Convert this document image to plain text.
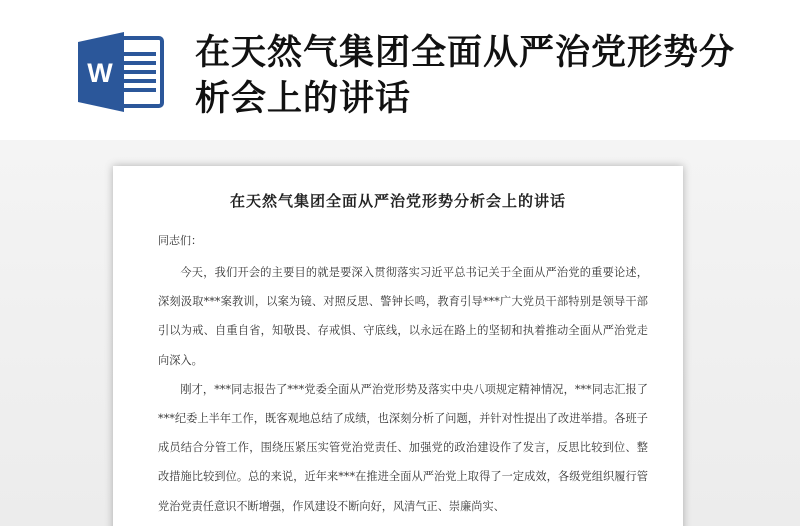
W 在天然气集团全面从严治党形势分析会上的讲话
在天然气集团全面从严治党形势分析会上的讲话
同志们：

今天，我们开会的主要目的就是要深入贯彻落实习近平总书记关于全面从严治党的重要论述，深刻汲取***案教训，以案为镜、对照反思、警钟长鸣，教育引导***广大党员干部特别是领导干部引以为戒、自重自省，知敬畏、存戒惧、守底线，以永远在路上的坚韧和执着推动全面从严治党走向深入。

刚才，***同志报告了***党委全面从严治党形势及落实中央八项规定精神情况，***同志汇报了***纪委上半年工作，既客观地总结了成绩，也深刻分析了问题，并针对性提出了改进举措。各班子成员结合分管工作，围绕压紧压实管党治党责任、加强党的政治建设作了发言，反思比较到位、整改措施比较到位。总的来说，近年来***在推进全面从严治党上取得了一定成效，各级党组织履行管党治党责任意识不断增强，作风建设不断向好，风清气正、崇廉尚实、
